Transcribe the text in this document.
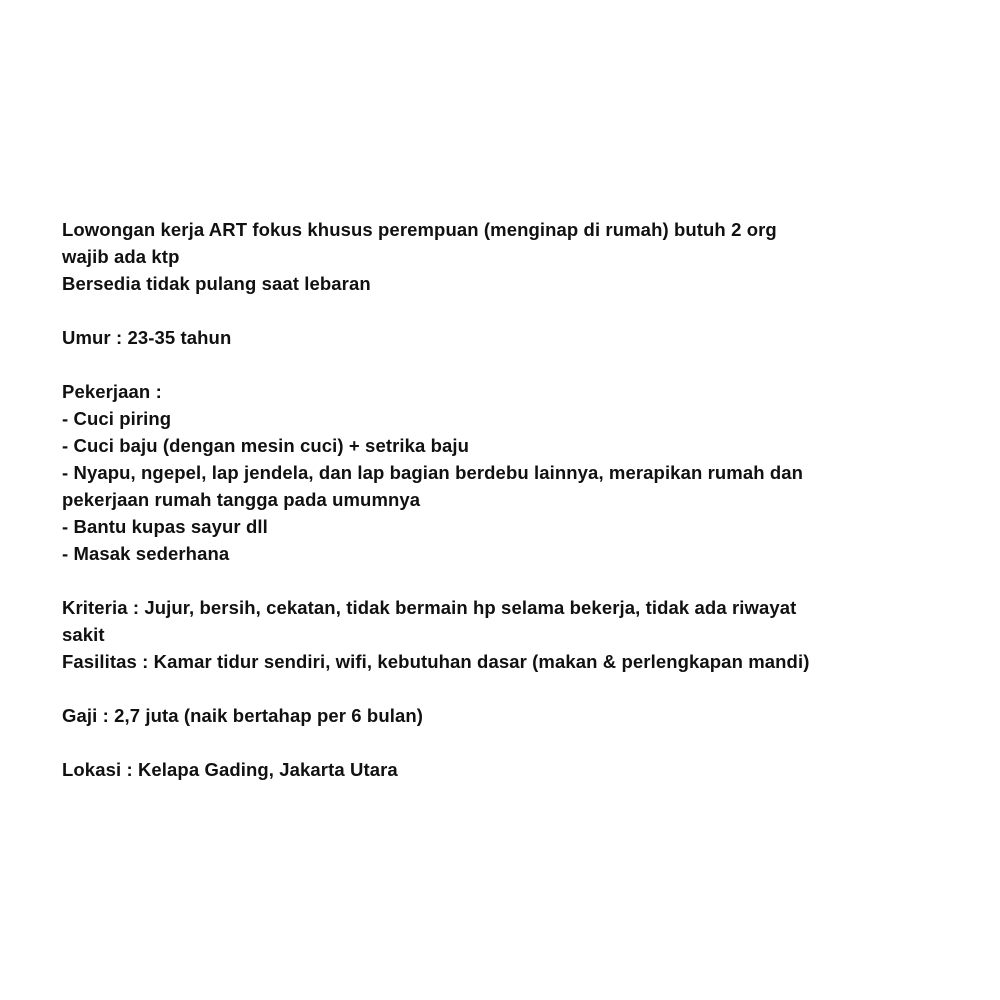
Lowongan kerja ART fokus khusus perempuan (menginap di rumah) butuh 2 org
wajib ada ktp
Bersedia tidak pulang saat lebaran
Umur : 23-35 tahun
Pekerjaan :
- Cuci piring
- Cuci baju (dengan mesin cuci) + setrika baju
- Nyapu, ngepel, lap jendela, dan lap bagian berdebu lainnya, merapikan rumah dan
pekerjaan rumah tangga pada umumnya
- Bantu kupas sayur dll
- Masak sederhana
Kriteria : Jujur, bersih, cekatan, tidak bermain hp selama bekerja, tidak ada riwayat
sakit
Fasilitas : Kamar tidur sendiri, wifi, kebutuhan dasar (makan & perlengkapan mandi)
Gaji : 2,7 juta (naik bertahap per 6 bulan)
Lokasi : Kelapa Gading, Jakarta Utara
